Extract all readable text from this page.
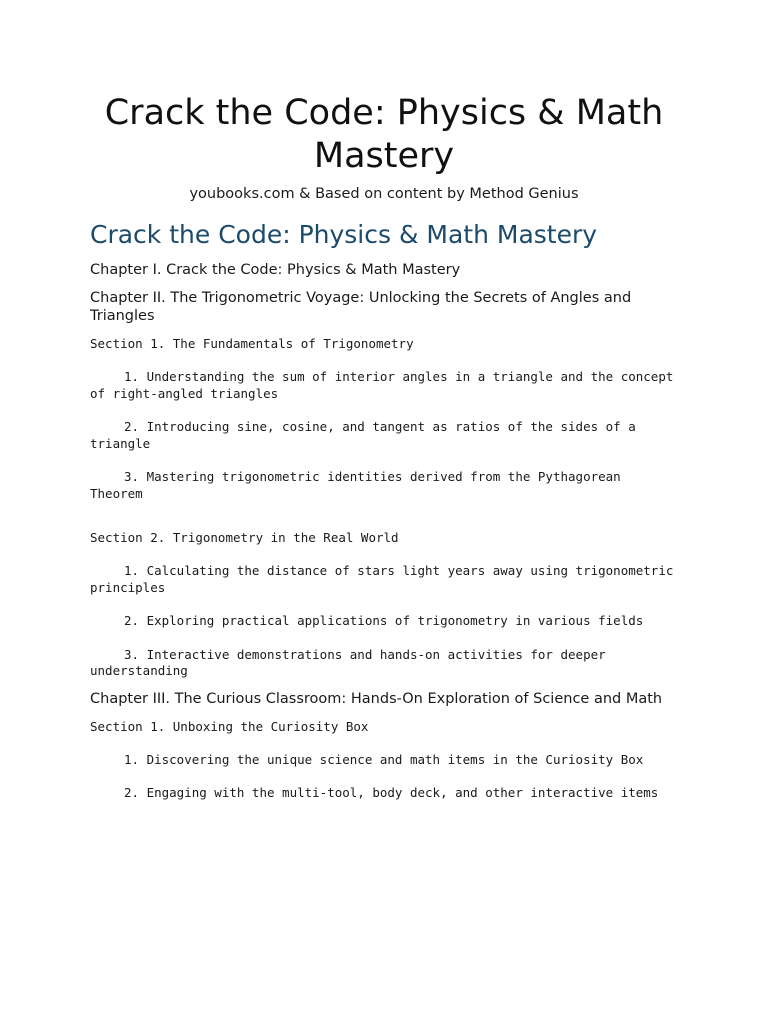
Crack the Code: Physics & Math Mastery
youbooks.com & Based on content by Method Genius
Crack the Code: Physics & Math Mastery
Chapter I. Crack the Code: Physics & Math Mastery
Chapter II. The Trigonometric Voyage: Unlocking the Secrets of Angles and Triangles
Section 1. The Fundamentals of Trigonometry
1. Understanding the sum of interior angles in a triangle and the concept of right-angled triangles
2. Introducing sine, cosine, and tangent as ratios of the sides of a triangle
3. Mastering trigonometric identities derived from the Pythagorean Theorem
Section 2. Trigonometry in the Real World
1. Calculating the distance of stars light years away using trigonometric principles
2. Exploring practical applications of trigonometry in various fields
3. Interactive demonstrations and hands-on activities for deeper understanding
Chapter III. The Curious Classroom: Hands-On Exploration of Science and Math
Section 1. Unboxing the Curiosity Box
1. Discovering the unique science and math items in the Curiosity Box
2. Engaging with the multi-tool, body deck, and other interactive items
